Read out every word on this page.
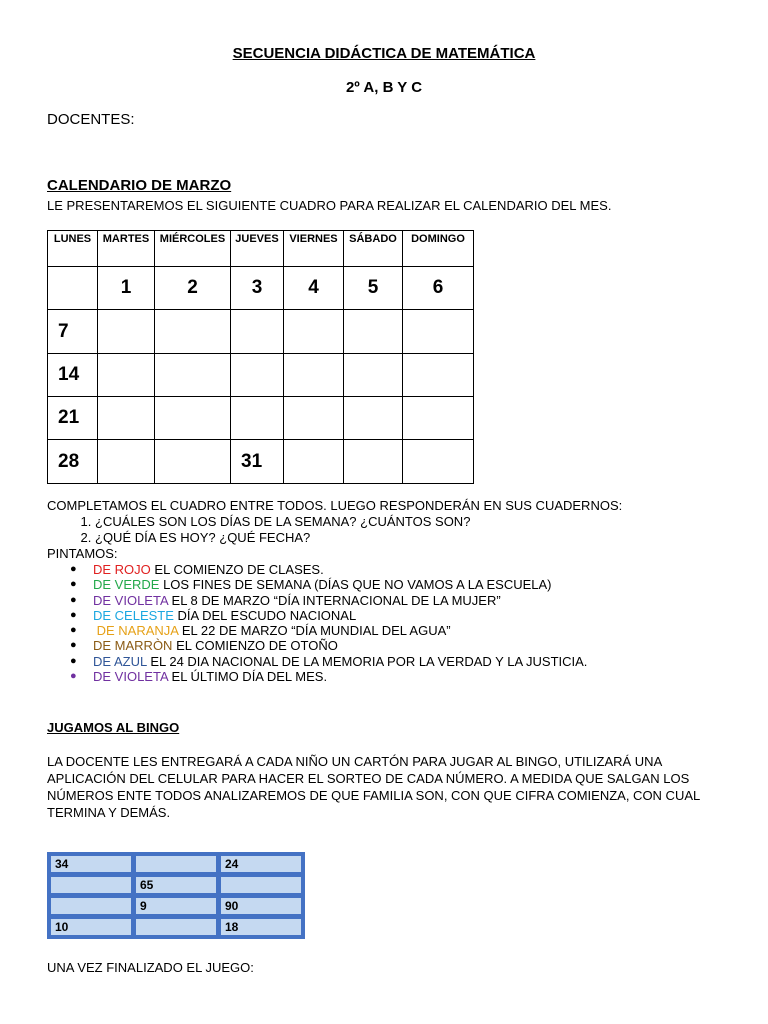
SECUENCIA DIDÁCTICA DE MATEMÁTICA
2º A, B Y C
DOCENTES:
CALENDARIO DE MARZO
LE PRESENTAREMOS EL SIGUIENTE CUADRO PARA REALIZAR EL CALENDARIO DEL MES.
LUNES	MARTES	MIÉRCOLES	JUEVES	VIERNES	SÁBADO	DOMINGO
	1	2	3	4	5	6
7						
14						
21						
28			31			
COMPLETAMOS EL CUADRO ENTRE TODOS. LUEGO RESPONDERÁN EN SUS CUADERNOS:
1. ¿CUÁLES SON LOS DÍAS DE LA SEMANA? ¿CUÁNTOS SON?
2. ¿QUÉ DÍA ES HOY? ¿QUÉ FECHA?
PINTAMOS:
● DE ROJO EL COMIENZO DE CLASES.
● DE VERDE LOS FINES DE SEMANA (DÍAS QUE NO VAMOS A LA ESCUELA)
● DE VIOLETA EL 8 DE MARZO “DÍA INTERNACIONAL DE LA MUJER”
● DE CELESTE DÍA DEL ESCUDO NACIONAL
● DE NARANJA EL 22 DE MARZO “DÍA MUNDIAL DEL AGUA”
● DE MARRÒN EL COMIENZO DE OTOÑO
● DE AZUL EL 24 DIA NACIONAL DE LA MEMORIA POR LA VERDAD Y LA JUSTICIA.
● DE VIOLETA EL ÚLTIMO DÍA DEL MES.
JUGAMOS AL BINGO
LA DOCENTE LES ENTREGARÁ A CADA NIÑO UN CARTÓN PARA JUGAR AL BINGO, UTILIZARÁ UNA APLICACIÓN DEL CELULAR PARA HACER EL SORTEO DE CADA NÚMERO. A MEDIDA QUE SALGAN LOS NÚMEROS ENTE TODOS ANALIZAREMOS DE QUE FAMILIA SON, CON QUE CIFRA COMIENZA, CON CUAL TERMINA Y DEMÁS.
34		24
	65	
	9	90
10		18
UNA VEZ FINALIZADO EL JUEGO:
